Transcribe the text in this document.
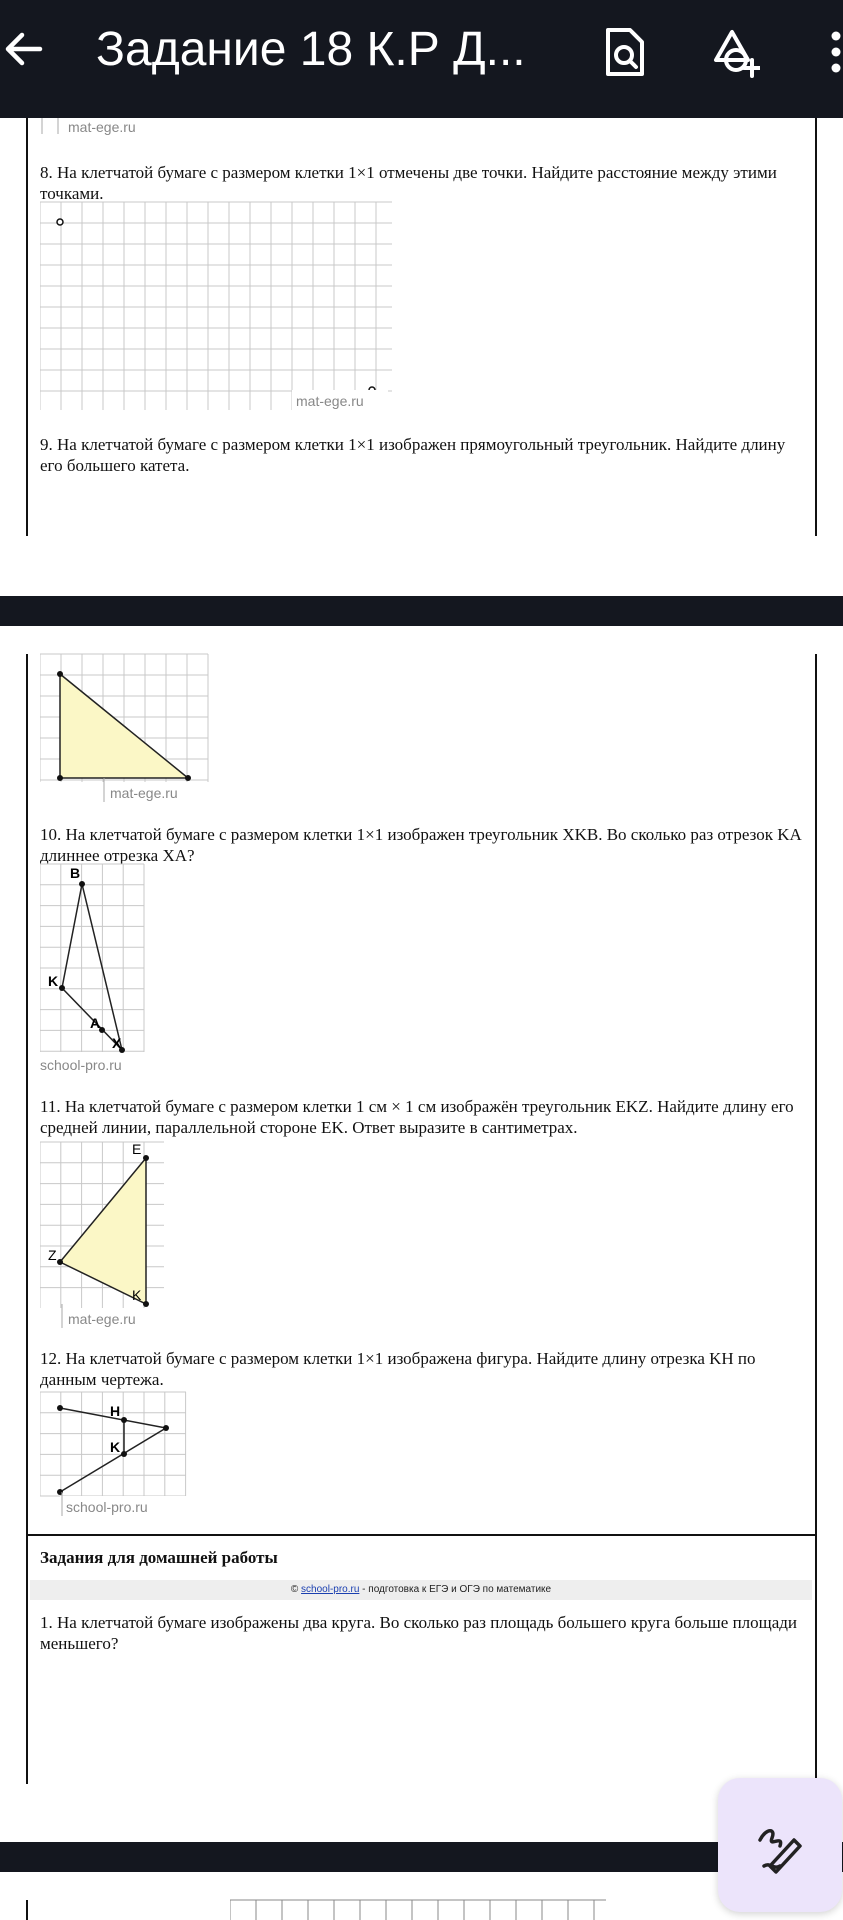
Задание 18 К.Р Д...
mat-ege.ru
8. На клетчатой бумаге с размером клетки 1×1 отмечены две точки. Найдите расстояние между этими точками.
mat-ege.ru
9. На клетчатой бумаге с размером клетки 1×1 изображен прямоугольный треугольник. Найдите длину его большего катета.
mat-ege.ru
10. На клетчатой бумаге с размером клетки 1×1 изображен треугольник XKB. Во сколько раз отрезок KA длиннее отрезка XA?
B
K
A
X
school-pro.ru
11. На клетчатой бумаге с размером клетки 1 см × 1 см изображён треугольник EKZ. Найдите длину его средней линии, параллельной стороне EK. Ответ выразите в сантиметрах.
E
Z
K
mat-ege.ru
12. На клетчатой бумаге с размером клетки 1×1 изображена фигура. Найдите длину отрезка KH по данным чертежа.
H
K
school-pro.ru
Задания для домашней работы
© school-pro.ru - подготовка к ЕГЭ и ОГЭ по математике
1. На клетчатой бумаге изображены два круга. Во сколько раз площадь большего круга больше площади меньшего?
